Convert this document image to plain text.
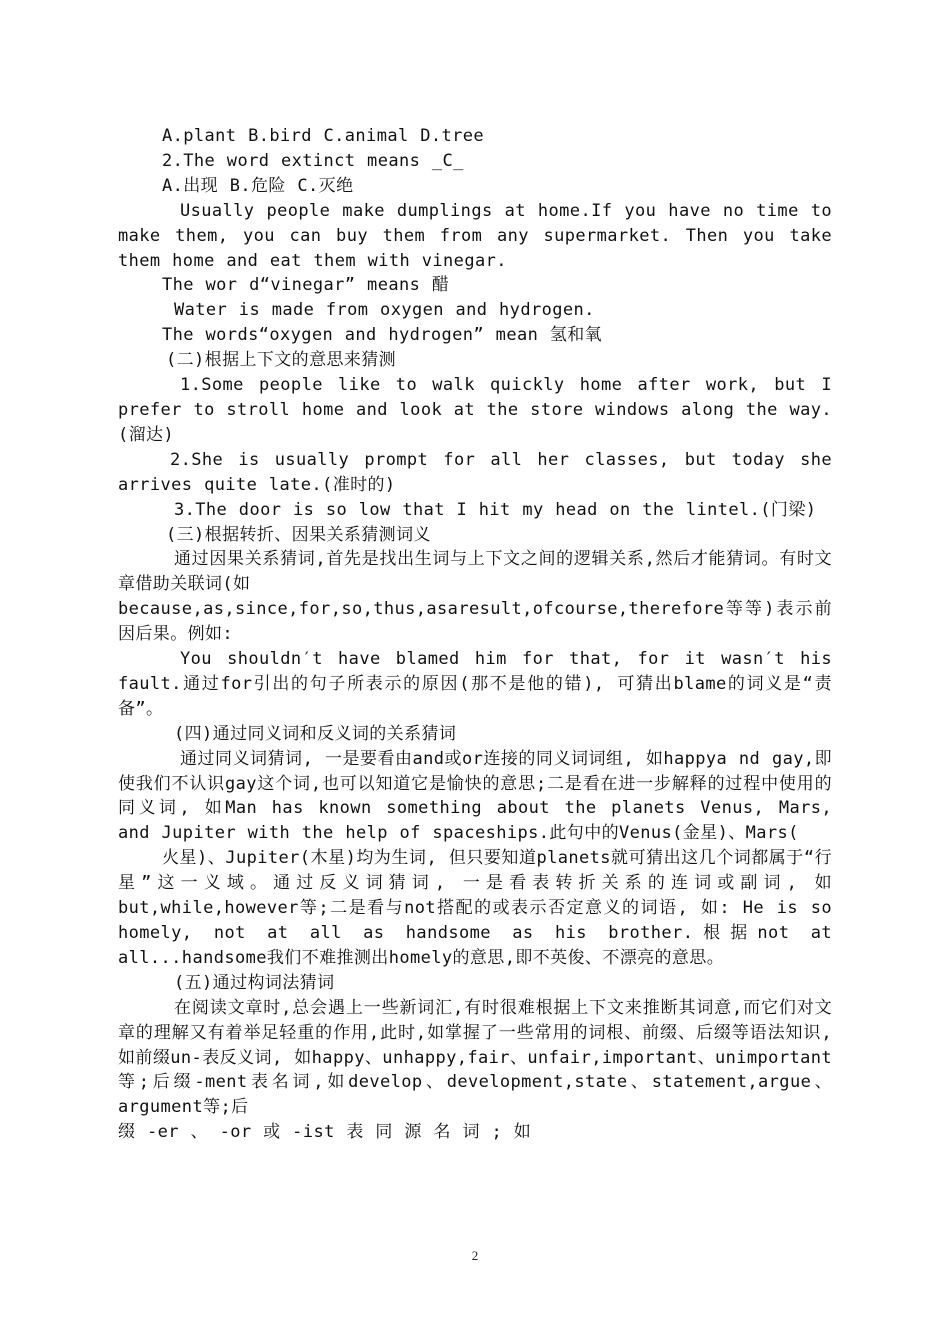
A.plant B.bird C.animal D.tree

2.The word extinct means _C_

A.出现 B.危险 C.灭绝

Usually people make dumplings at home.If you have no time to make them, you can buy them from any supermarket. Then you take them home and eat them with vinegar.

The wor d“vinegar” means 醋

Water is made from oxygen and hydrogen.

The words“oxygen and hydrogen” mean 氢和氧

(二)根据上下文的意思来猜测

1.Some people like to walk quickly home after work, but I prefer to stroll home and look at the store windows along the way.(溜达)

2.She is usually prompt for all her classes, but today she arrives quite late.(准时的)

3.The door is so low that I hit my head on the lintel.(门梁)

(三)根据转折、因果关系猜测词义

通过因果关系猜词,首先是找出生词与上下文之间的逻辑关系,然后才能猜词。有时文章借助关联词(如

because,as,since,for,so,thus,asaresult,ofcourse,therefore等等)表示前因后果。例如:

You shouldn′t have blamed him for that, for it wasn′t his fault.通过for引出的句子所表示的原因(那不是他的错), 可猜出blame的词义是“责备”。

(四)通过同义词和反义词的关系猜词

通过同义词猜词, 一是要看由and或or连接的同义词词组, 如happya nd gay,即使我们不认识gay这个词,也可以知道它是愉快的意思;二是看在进一步解释的过程中使用的同义词, 如Man has known something about the planets Venus, Mars, and Jupiter with the help of spaceships.此句中的Venus(金星)、Mars(

火星)、Jupiter(木星)均为生词, 但只要知道planets就可猜出这几个词都属于“行星”这一义域。通过反义词猜词, 一是看表转折关系的连词或副词, 如but,while,however等;二是看与not搭配的或表示否定意义的词语, 如: He is so homely, not at all as handsome as his brother.根据not at all...handsome我们不难推测出homely的意思,即不英俊、不漂亮的意思。

(五)通过构词法猜词

在阅读文章时,总会遇上一些新词汇,有时很难根据上下文来推断其词意,而它们对文章的理解又有着举足轻重的作用,此时,如掌握了一些常用的词根、前缀、后缀等语法知识, 如前缀un-表反义词, 如happy、unhappy,fair、unfair,important、unimportant等;后缀-ment表名词,如develop、development,state、statement,argue、argument等;后

缀 -er 、 -or 或 -ist 表 同 源 名 词 ; 如

2
